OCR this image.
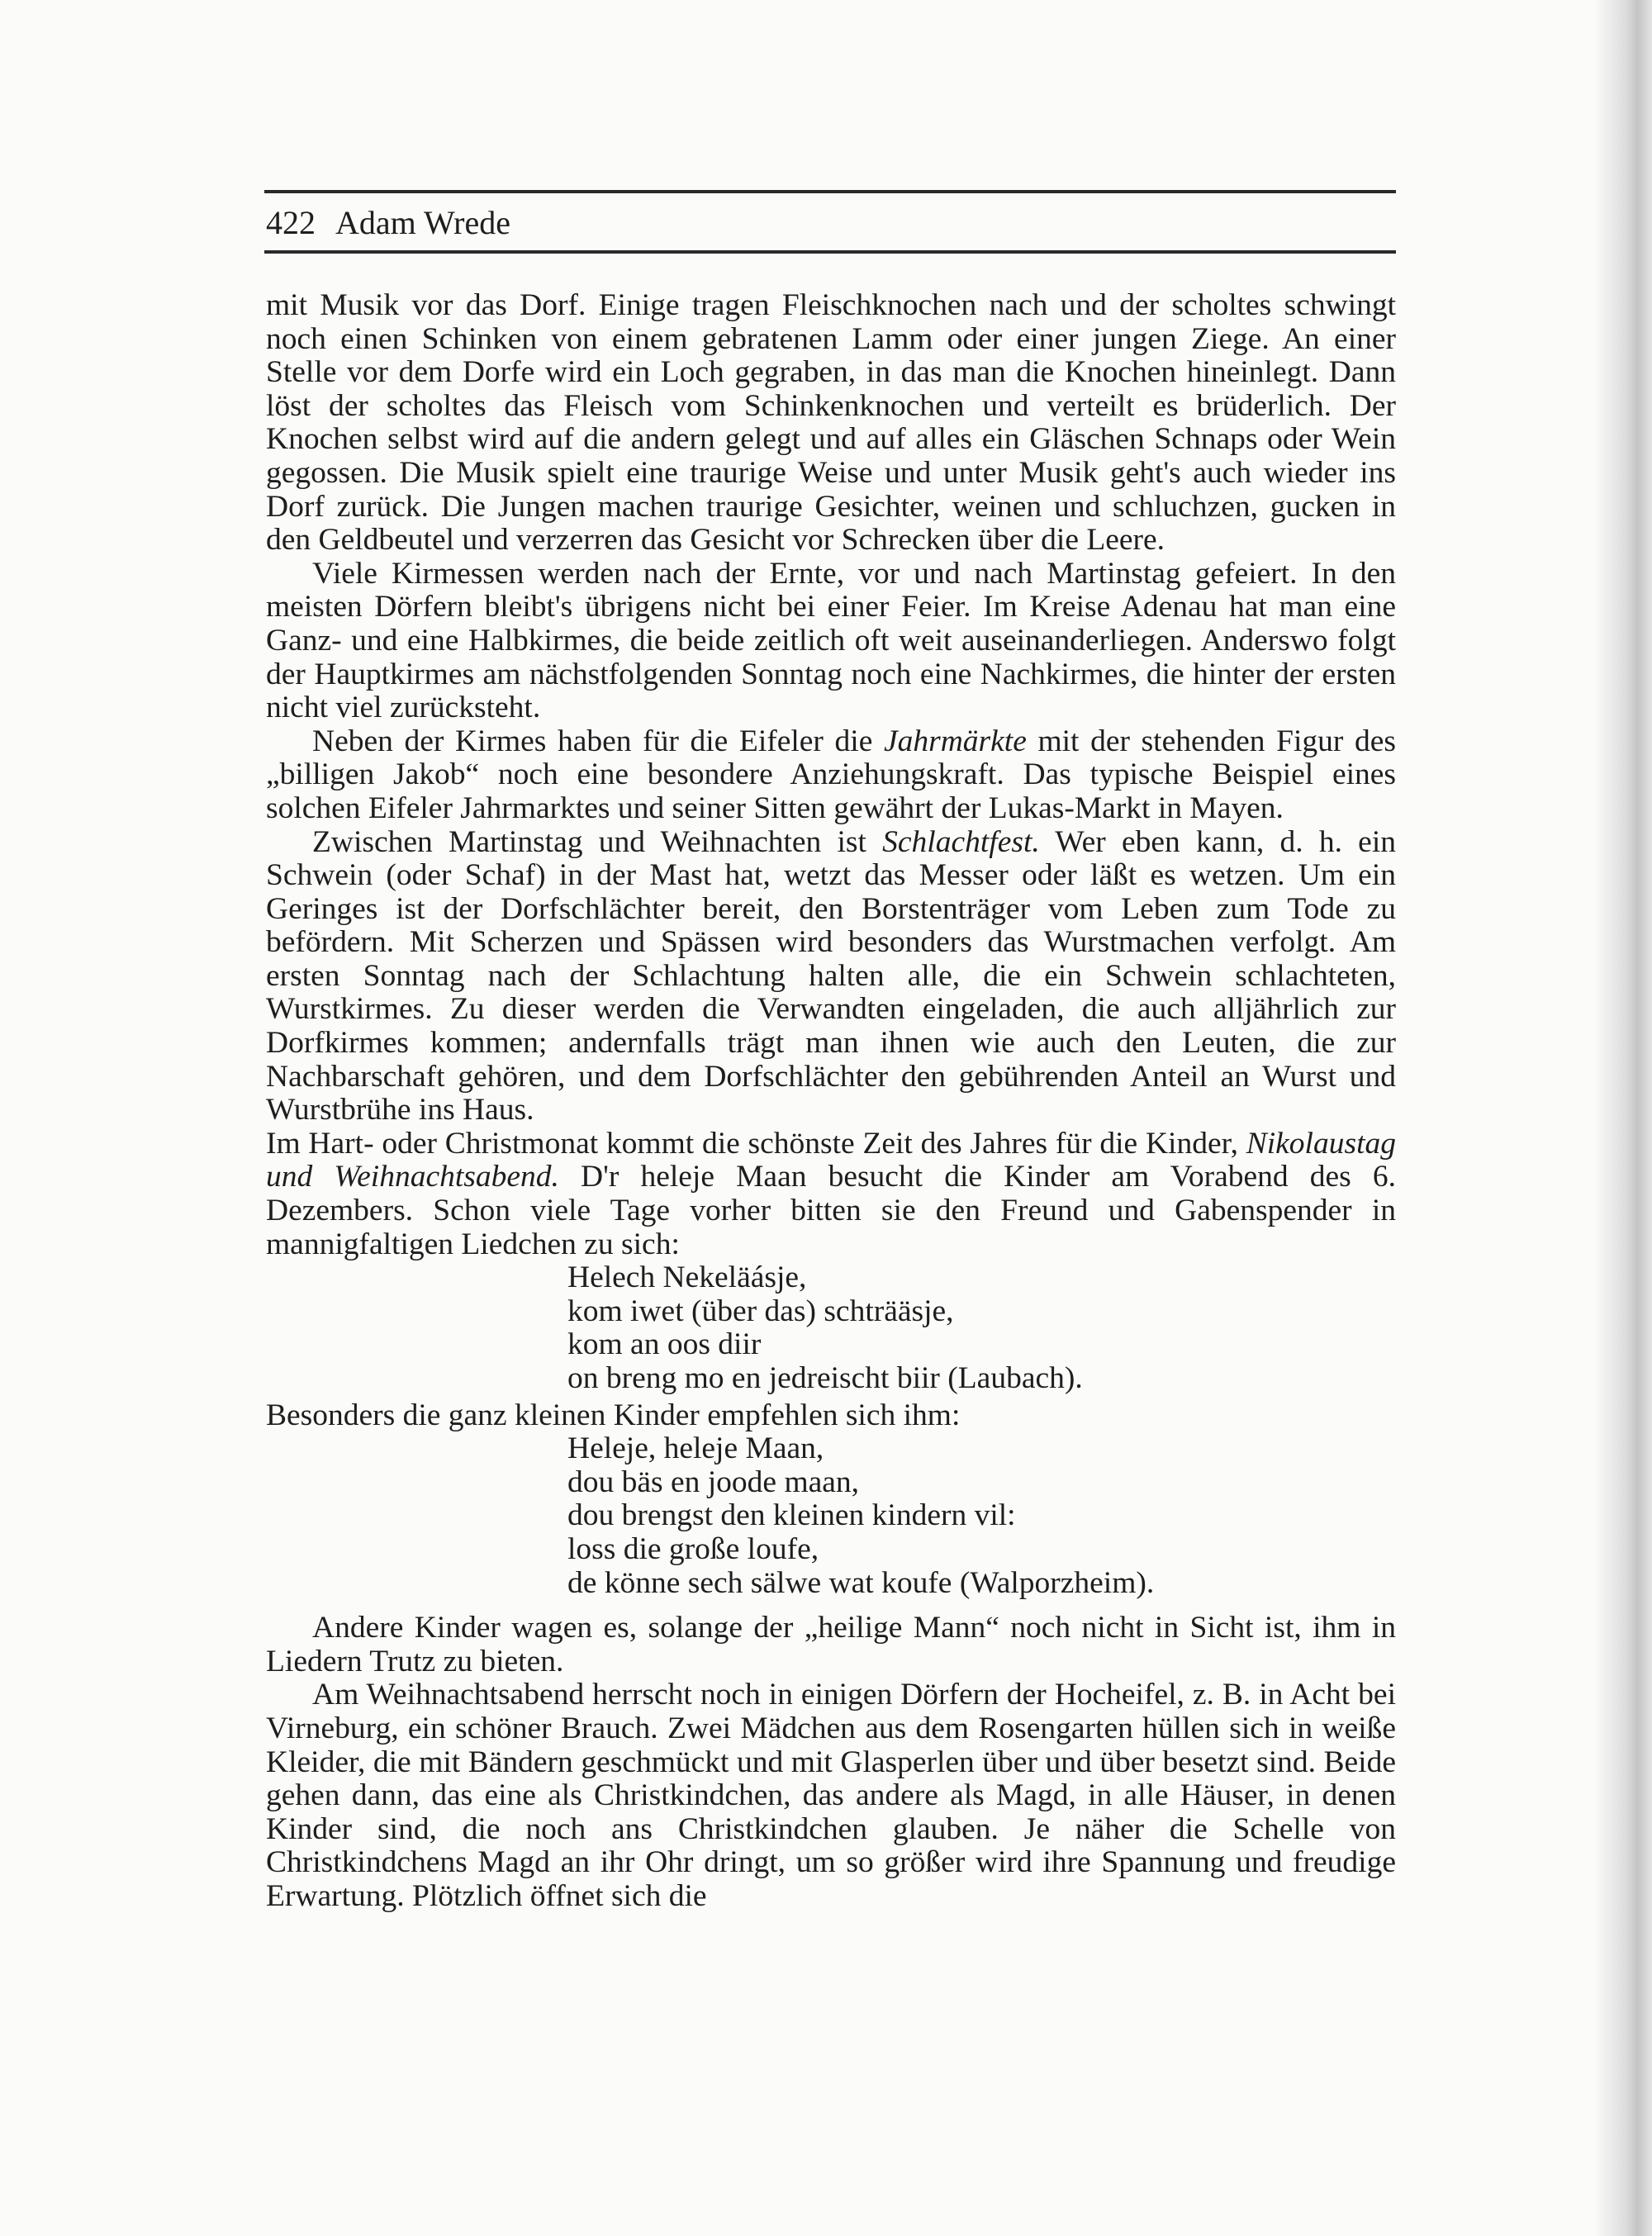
422 Adam Wrede

mit Musik vor das Dorf. Einige tragen Fleischknochen nach und der scholtes schwingt noch einen Schinken von einem gebratenen Lamm oder einer jungen Ziege. An einer Stelle vor dem Dorfe wird ein Loch gegraben, in das man die Knochen hineinlegt. Dann löst der scholtes das Fleisch vom Schinkenknochen und verteilt es brüderlich. Der Knochen selbst wird auf die andern gelegt und auf alles ein Gläschen Schnaps oder Wein gegossen. Die Musik spielt eine traurige Weise und unter Musik geht's auch wieder ins Dorf zurück. Die Jungen machen traurige Gesichter, weinen und schluchzen, gucken in den Geldbeutel und verzerren das Gesicht vor Schrecken über die Leere.

Viele Kirmessen werden nach der Ernte, vor und nach Martinstag gefeiert. In den meisten Dörfern bleibt's übrigens nicht bei einer Feier. Im Kreise Adenau hat man eine Ganz- und eine Halbkirmes, die beide zeitlich oft weit auseinanderliegen. Anderswo folgt der Hauptkirmes am nächstfolgenden Sonntag noch eine Nachkirmes, die hinter der ersten nicht viel zurücksteht.

Neben der Kirmes haben für die Eifeler die Jahrmärkte mit der stehenden Figur des „billigen Jakob“ noch eine besondere Anziehungskraft. Das typische Beispiel eines solchen Eifeler Jahrmarktes und seiner Sitten gewährt der Lukas-Markt in Mayen.

Zwischen Martinstag und Weihnachten ist Schlachtfest. Wer eben kann, d. h. ein Schwein (oder Schaf) in der Mast hat, wetzt das Messer oder läßt es wetzen. Um ein Geringes ist der Dorfschlächter bereit, den Borstenträger vom Leben zum Tode zu befördern. Mit Scherzen und Spässen wird besonders das Wurstmachen verfolgt. Am ersten Sonntag nach der Schlachtung halten alle, die ein Schwein schlachteten, Wurstkirmes. Zu dieser werden die Verwandten eingeladen, die auch alljährlich zur Dorfkirmes kommen; andernfalls trägt man ihnen wie auch den Leuten, die zur Nachbarschaft gehören, und dem Dorfschlächter den gebührenden Anteil an Wurst und Wurstbrühe ins Haus.

Im Hart- oder Christmonat kommt die schönste Zeit des Jahres für die Kinder, Nikolaustag und Weihnachtsabend. D'r heleje Maan besucht die Kinder am Vorabend des 6. Dezembers. Schon viele Tage vorher bitten sie den Freund und Gabenspender in mannigfaltigen Liedchen zu sich:

Helech Nekeläásje,
kom iwet (über das) schträäsje,
kom an oos diir
on breng mo en jedreischt biir (Laubach).

Besonders die ganz kleinen Kinder empfehlen sich ihm:

Heleje, heleje Maan,
dou bäs en joode maan,
dou brengst den kleinen kindern vil:
loss die große loufe,
de könne sech sälwe wat koufe (Walporzheim).

Andere Kinder wagen es, solange der „heilige Mann“ noch nicht in Sicht ist, ihm in Liedern Trutz zu bieten.

Am Weihnachtsabend herrscht noch in einigen Dörfern der Hocheifel, z. B. in Acht bei Virneburg, ein schöner Brauch. Zwei Mädchen aus dem Rosengarten hüllen sich in weiße Kleider, die mit Bändern geschmückt und mit Glasperlen über und über besetzt sind. Beide gehen dann, das eine als Christkindchen, das andere als Magd, in alle Häuser, in denen Kinder sind, die noch ans Christkindchen glauben. Je näher die Schelle von Christkindchens Magd an ihr Ohr dringt, um so größer wird ihre Spannung und freudige Erwartung. Plötzlich öffnet sich die
